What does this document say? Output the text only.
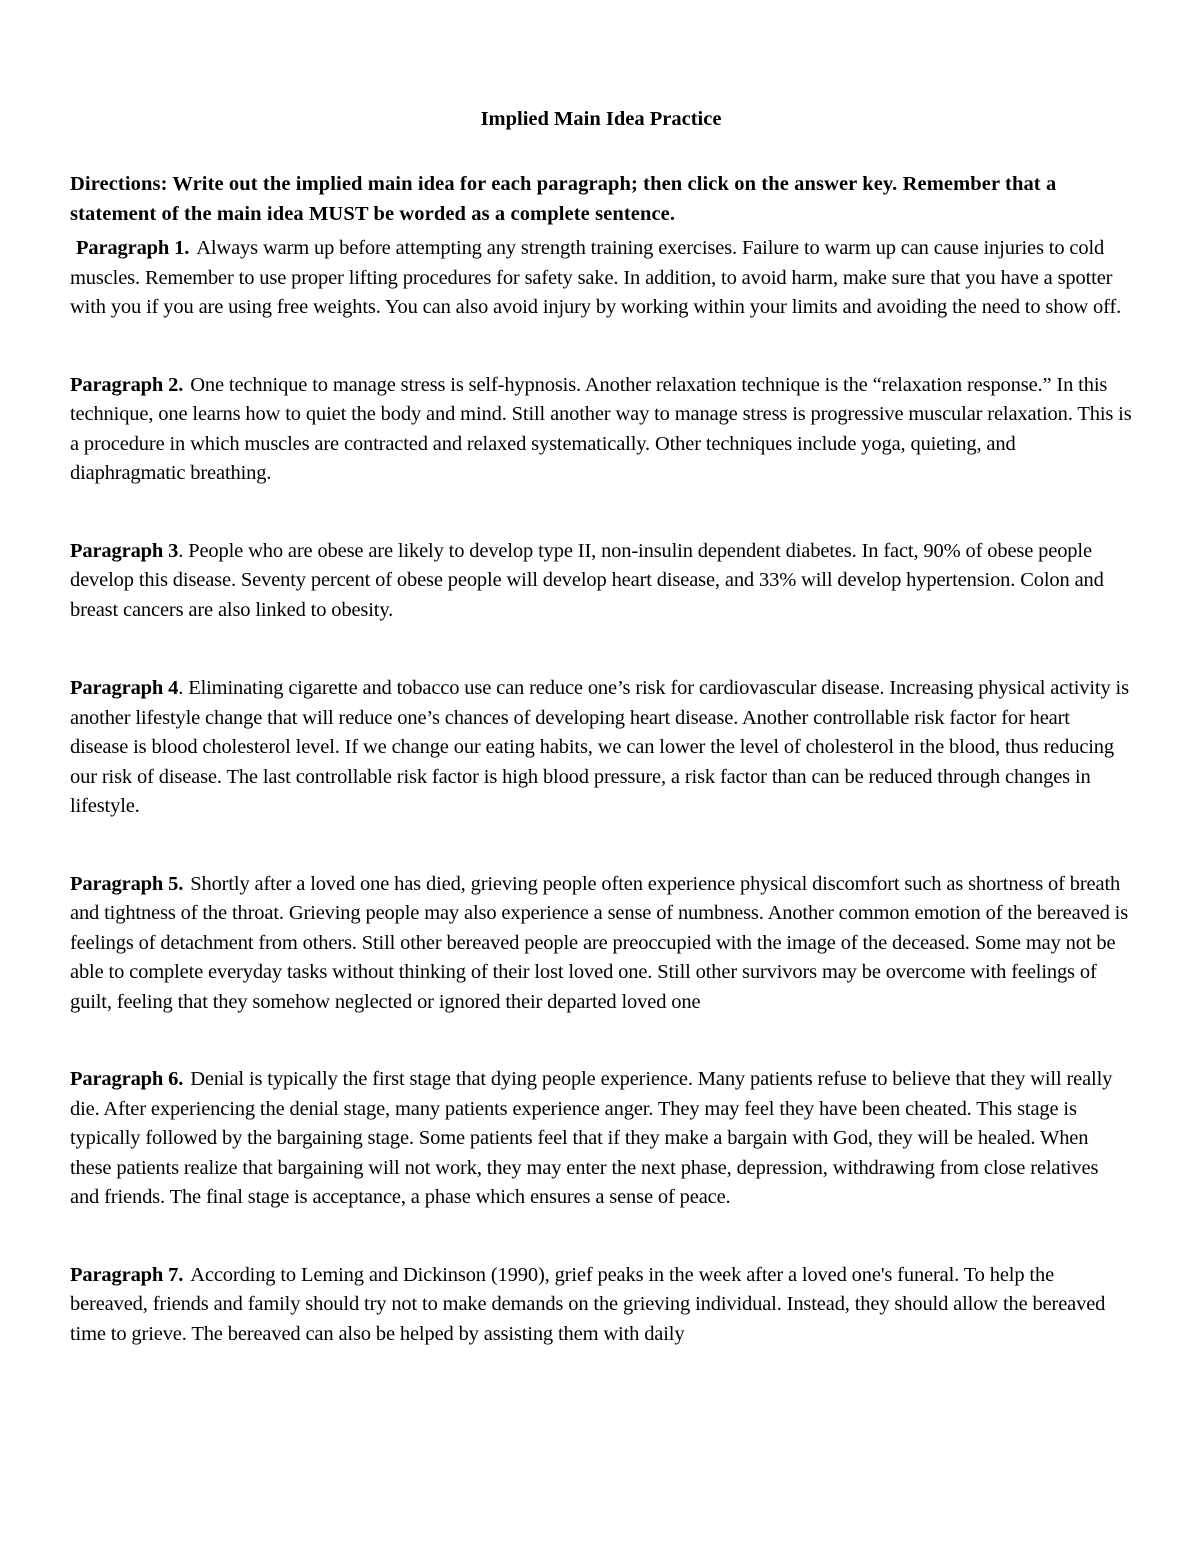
Implied Main Idea Practice

Directions: Write out the implied main idea for each paragraph; then click on the answer key. Remember that a statement of the main idea MUST be worded as a complete sentence.

Paragraph 1. Always warm up before attempting any strength training exercises. Failure to warm up can cause injuries to cold muscles. Remember to use proper lifting procedures for safety sake. In addition, to avoid harm, make sure that you have a spotter with you if you are using free weights. You can also avoid injury by working within your limits and avoiding the need to show off.

Paragraph 2. One technique to manage stress is self-hypnosis. Another relaxation technique is the “relaxation response.” In this technique, one learns how to quiet the body and mind. Still another way to manage stress is progressive muscular relaxation. This is a procedure in which muscles are contracted and relaxed systematically. Other techniques include yoga, quieting, and diaphragmatic breathing.

Paragraph 3. People who are obese are likely to develop type II, non-insulin dependent diabetes. In fact, 90% of obese people develop this disease. Seventy percent of obese people will develop heart disease, and 33% will develop hypertension. Colon and breast cancers are also linked to obesity.

Paragraph 4. Eliminating cigarette and tobacco use can reduce one’s risk for cardiovascular disease. Increasing physical activity is another lifestyle change that will reduce one’s chances of developing heart disease. Another controllable risk factor for heart disease is blood cholesterol level. If we change our eating habits, we can lower the level of cholesterol in the blood, thus reducing our risk of disease. The last controllable risk factor is high blood pressure, a risk factor than can be reduced through changes in lifestyle.

Paragraph 5. Shortly after a loved one has died, grieving people often experience physical discomfort such as shortness of breath and tightness of the throat. Grieving people may also experience a sense of numbness. Another common emotion of the bereaved is feelings of detachment from others. Still other bereaved people are preoccupied with the image of the deceased. Some may not be able to complete everyday tasks without thinking of their lost loved one. Still other survivors may be overcome with feelings of guilt, feeling that they somehow neglected or ignored their departed loved one

Paragraph 6. Denial is typically the first stage that dying people experience. Many patients refuse to believe that they will really die. After experiencing the denial stage, many patients experience anger. They may feel they have been cheated. This stage is typically followed by the bargaining stage. Some patients feel that if they make a bargain with God, they will be healed. When these patients realize that bargaining will not work, they may enter the next phase, depression, withdrawing from close relatives and friends. The final stage is acceptance, a phase which ensures a sense of peace.

Paragraph 7. According to Leming and Dickinson (1990), grief peaks in the week after a loved one's funeral. To help the bereaved, friends and family should try not to make demands on the grieving individual. Instead, they should allow the bereaved time to grieve. The bereaved can also be helped by assisting them with daily
